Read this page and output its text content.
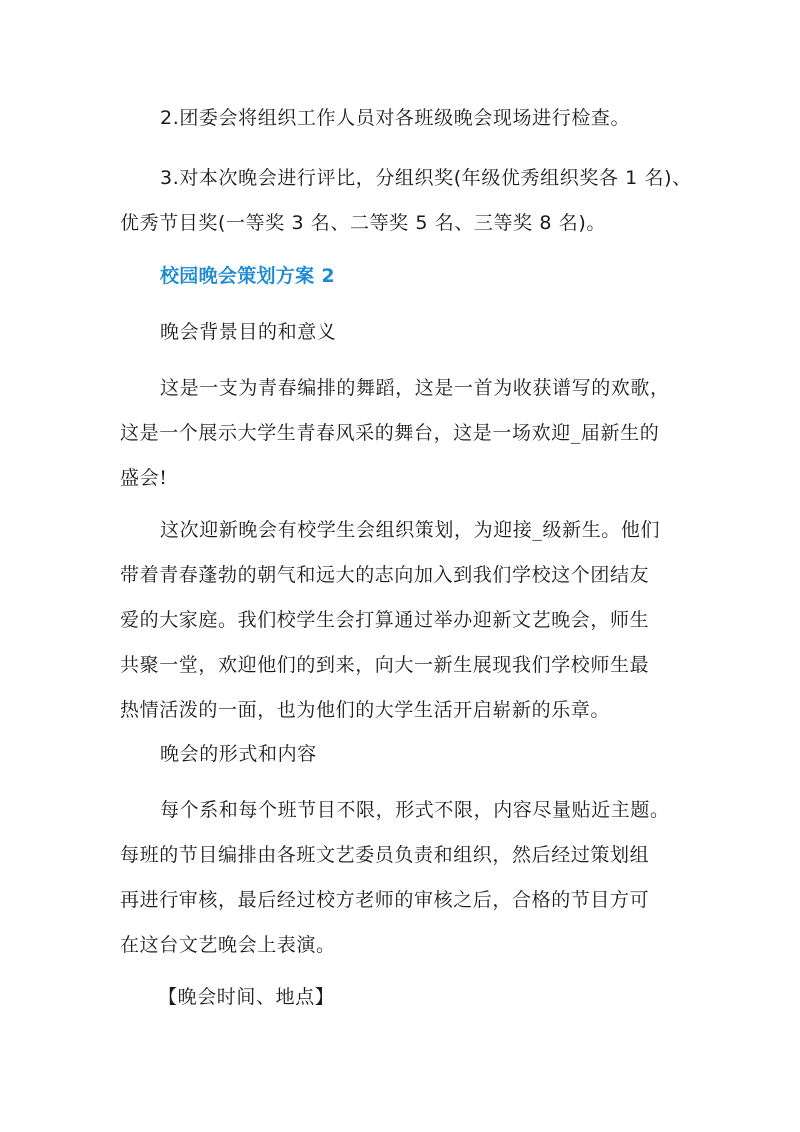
2.团委会将组织工作人员对各班级晚会现场进行检查。
3.对本次晚会进行评比，分组织奖(年级优秀组织奖各 1 名)、
优秀节目奖(一等奖 3 名、二等奖 5 名、三等奖 8 名)。
校园晚会策划方案 2
晚会背景目的和意义
这是一支为青春编排的舞蹈，这是一首为收获谱写的欢歌，
这是一个展示大学生青春风采的舞台，这是一场欢迎_届新生的
盛会!
这次迎新晚会有校学生会组织策划，为迎接_级新生。他们
带着青春蓬勃的朝气和远大的志向加入到我们学校这个团结友
爱的大家庭。我们校学生会打算通过举办迎新文艺晚会，师生
共聚一堂，欢迎他们的到来，向大一新生展现我们学校师生最
热情活泼的一面，也为他们的大学生活开启崭新的乐章。
晚会的形式和内容
每个系和每个班节目不限，形式不限，内容尽量贴近主题。
每班的节目编排由各班文艺委员负责和组织，然后经过策划组
再进行审核，最后经过校方老师的审核之后，合格的节目方可
在这台文艺晚会上表演。
【晚会时间、地点】
